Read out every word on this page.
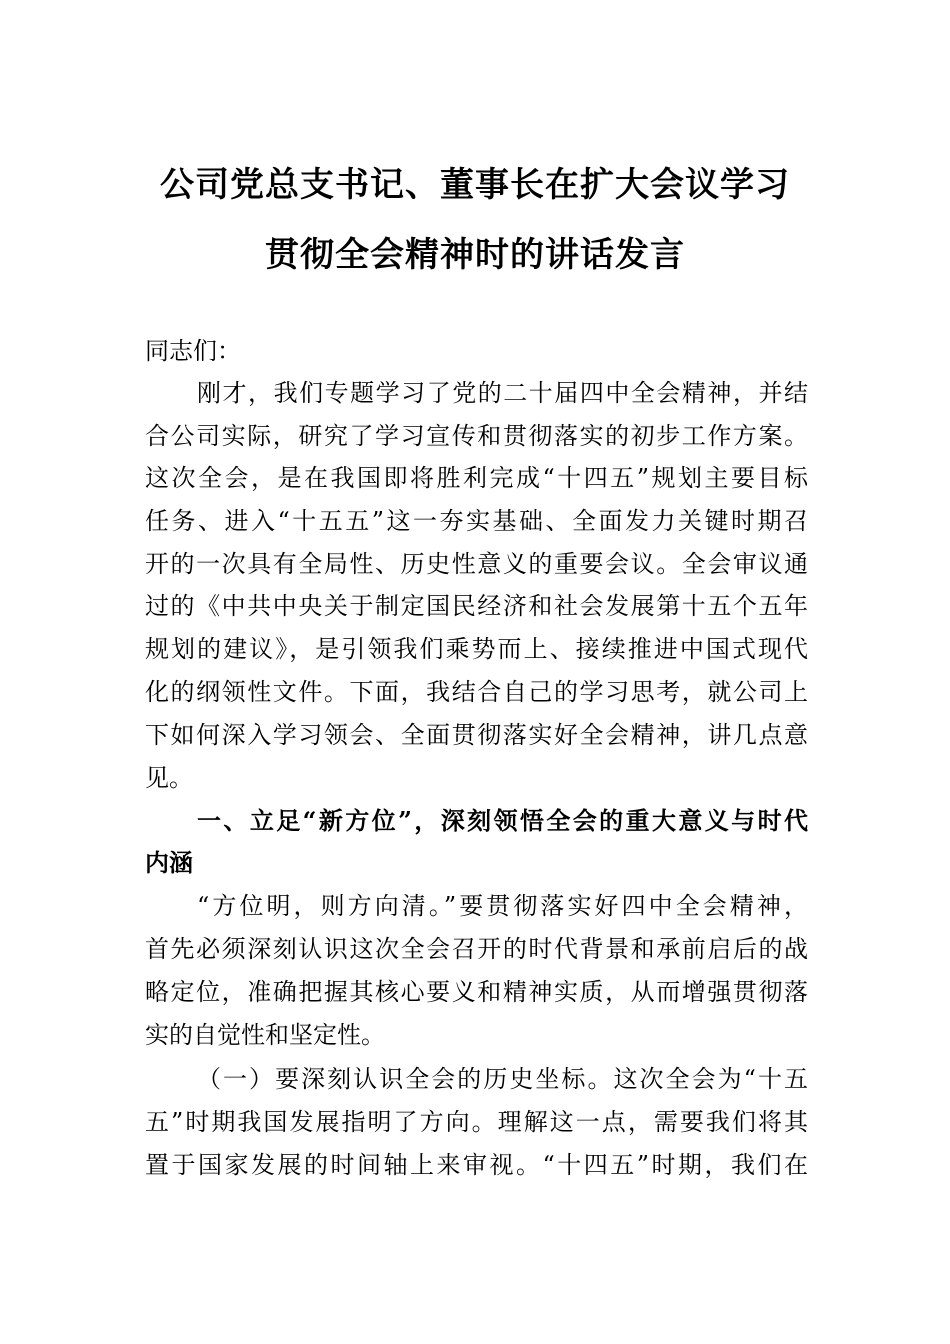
公司党总支书记、董事长在扩大会议学习
贯彻全会精神时的讲话发言
同志们：
刚才，我们专题学习了党的二十届四中全会精神，并结
合公司实际，研究了学习宣传和贯彻落实的初步工作方案。
这次全会，是在我国即将胜利完成“十四五”规划主要目标
任务、进入“十五五”这一夯实基础、全面发力关键时期召
开的一次具有全局性、历史性意义的重要会议。全会审议通
过的《中共中央关于制定国民经济和社会发展第十五个五年
规划的建议》，是引领我们乘势而上、接续推进中国式现代
化的纲领性文件。下面，我结合自己的学习思考，就公司上
下如何深入学习领会、全面贯彻落实好全会精神，讲几点意
见。
一、立足“新方位”，深刻领悟全会的重大意义与时代
内涵
“方位明，则方向清。”要贯彻落实好四中全会精神，
首先必须深刻认识这次全会召开的时代背景和承前启后的战
略定位，准确把握其核心要义和精神实质，从而增强贯彻落
实的自觉性和坚定性。
（一）要深刻认识全会的历史坐标。这次全会为“十五
五”时期我国发展指明了方向。理解这一点，需要我们将其
置于国家发展的时间轴上来审视。“十四五”时期，我们在
